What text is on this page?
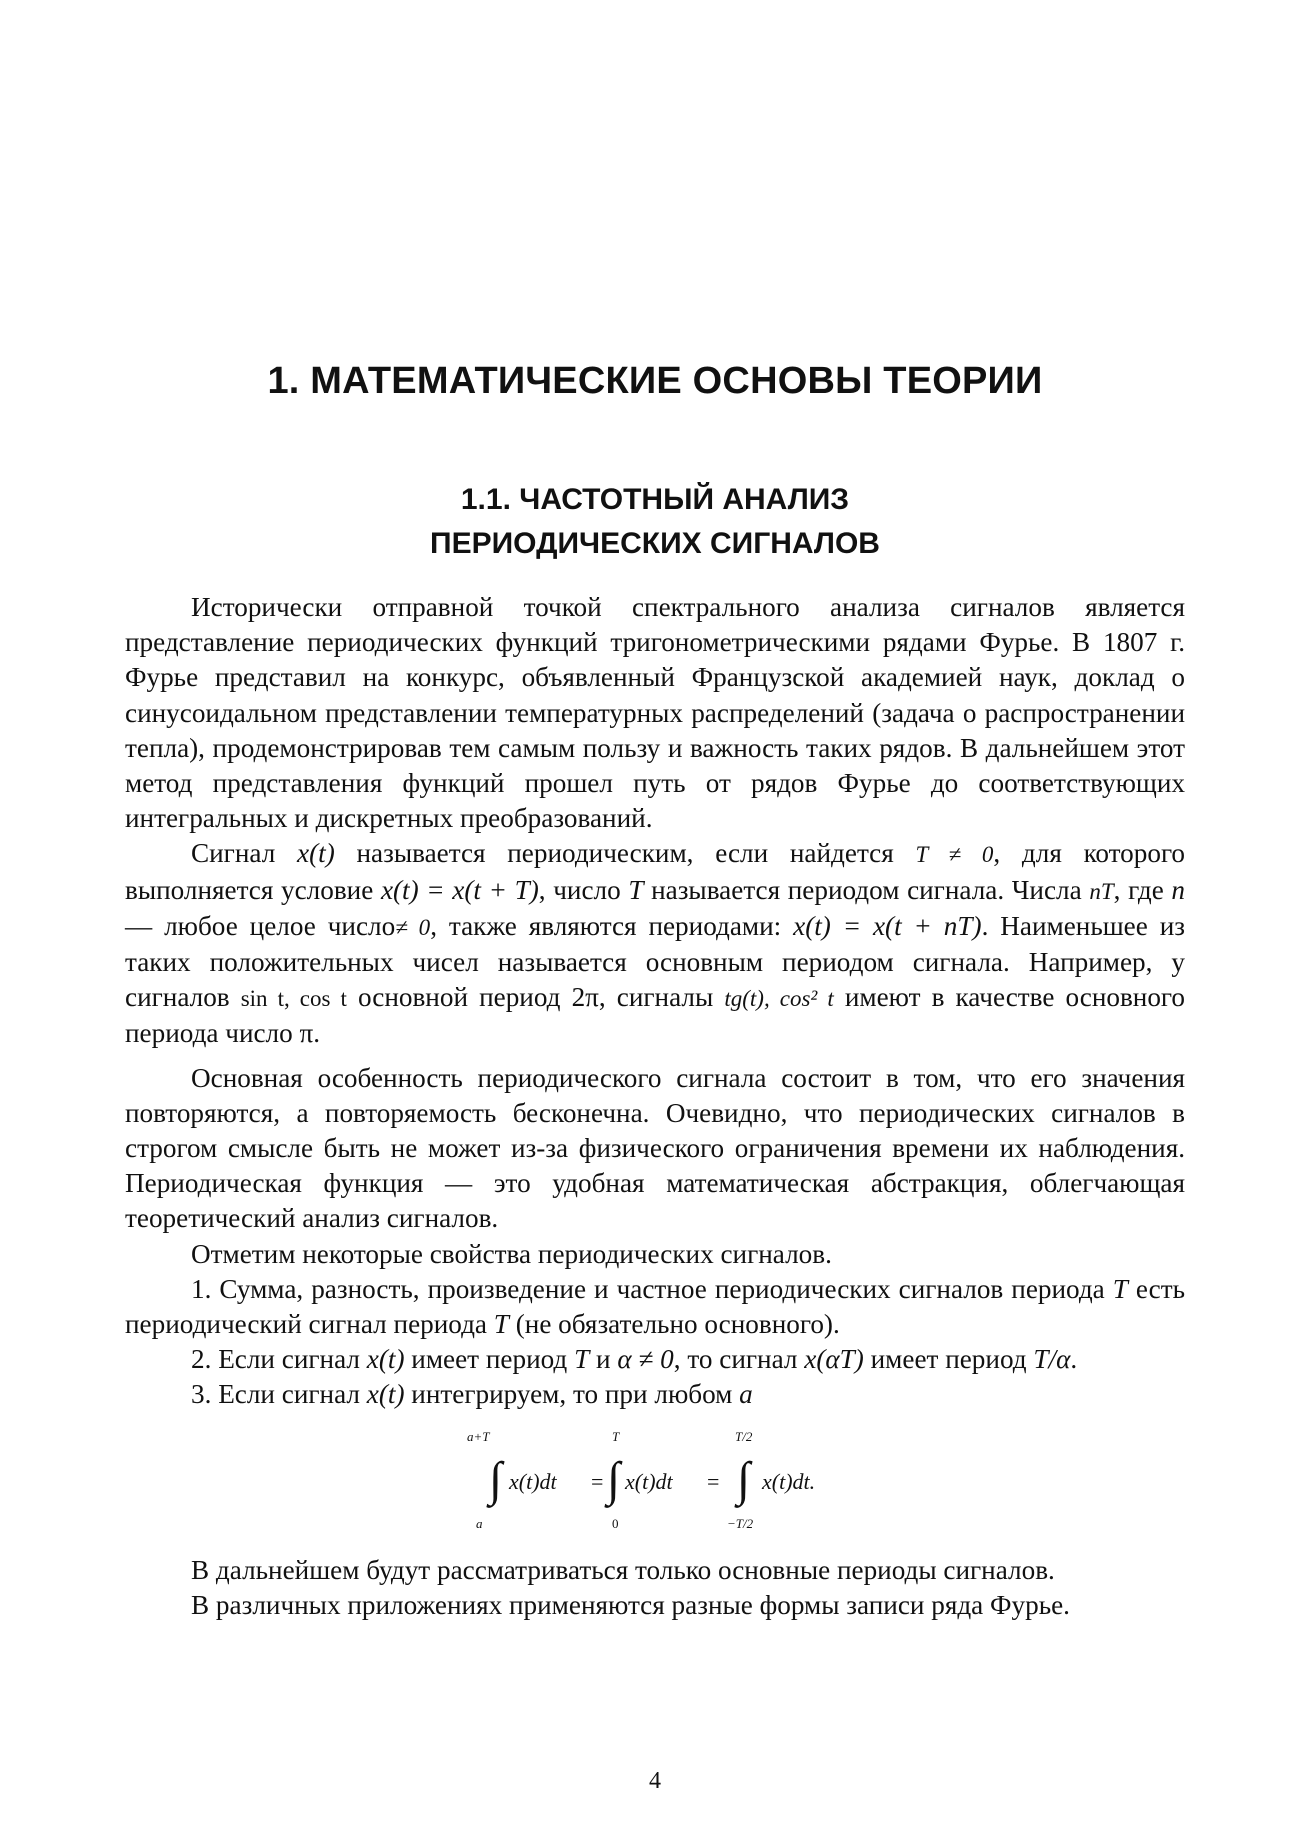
1. МАТЕМАТИЧЕСКИЕ ОСНОВЫ ТЕОРИИ
1.1. ЧАСТОТНЫЙ АНАЛИЗ
ПЕРИОДИЧЕСКИХ СИГНАЛОВ

Исторически отправной точкой спектрального анализа сигналов является представление периодических функций тригонометрическими рядами Фурье. В 1807 г. Фурье представил на конкурс, объявленный Французской академией наук, доклад о синусоидальном представлении температурных распределений (задача о распространении тепла), продемонстрировав тем самым пользу и важность таких рядов. В дальнейшем этот метод представления функций прошел путь от рядов Фурье до соответствующих интегральных и дискретных преобразований.

Сигнал x(t) называется периодическим, если найдется T ≠ 0, для которого выполняется условие x(t) = x(t + T), число T называется периодом сигнала. Числа nT, где n — любое целое число≠ 0, также являются периодами: x(t) = x(t + nT). Наименьшее из таких положительных чисел называется основным периодом сигнала. Например, у сигналов sin t, cos t основной период 2π, сигналы tg(t), cos² t имеют в качестве основного периода число π.

Основная особенность периодического сигнала состоит в том, что его значения повторяются, а повторяемость бесконечна. Очевидно, что периодических сигналов в строгом смысле быть не может из-за физического ограничения времени их наблюдения. Периодическая функция — это удобная математическая абстракция, облегчающая теоретический анализ сигналов.

Отметим некоторые свойства периодических сигналов.

1. Сумма, разность, произведение и частное периодических сигналов периода T есть периодический сигнал периода T (не обязательно основного).

2. Если сигнал x(t) имеет период T и α ≠ 0, то сигнал x(αT) имеет период T/α.

3. Если сигнал x(t) интегрируем, то при любом a

a+T
∫
a
x(t)dt =
T
∫
0
x(t)dt =
T/2
∫
−T/2
x(t)dt.

В дальнейшем будут рассматриваться только основные периоды сигналов.

В различных приложениях применяются разные формы записи ряда Фурье.

4
